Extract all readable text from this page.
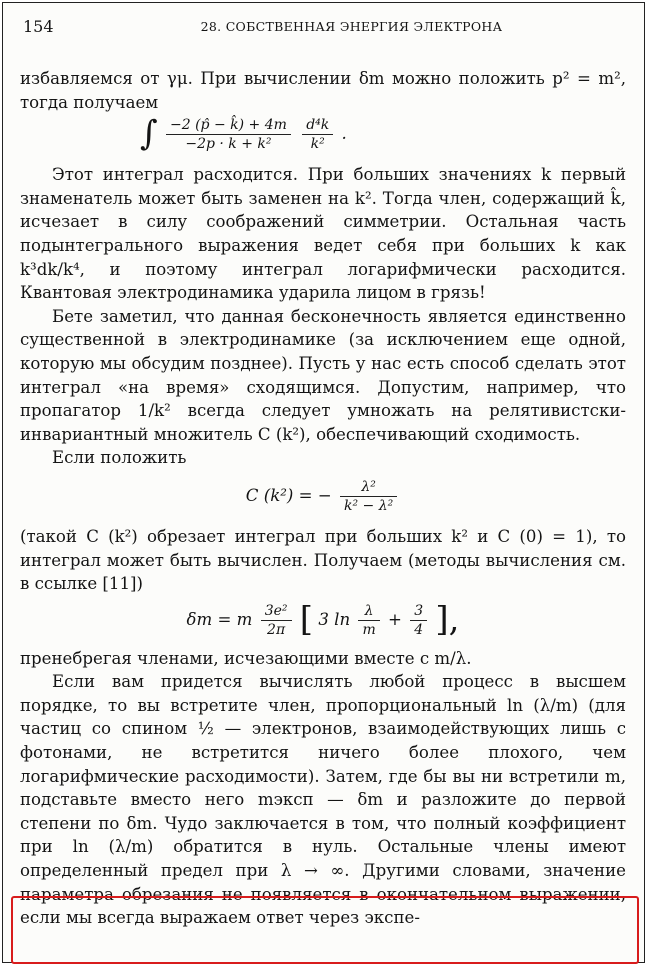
154	28. СОБСТВЕННАЯ ЭНЕРГИЯ ЭЛЕКТРОНА

избавляемся от γμ. При вычислении δm можно положить p² = m², тогда получаем

∫ $\frac{-2 (p̂ - k̂) + 4m}{\text{−2p · k + k²}}$
$\frac{\text{d⁴k}}{\text{k²}}$ .

Этот интеграл расходится. При больших значениях k первый знаменатель может быть заменен на k². Тогда член, содержащий k̂, исчезает в силу соображений симметрии. Остальная часть подынтегрального выражения ведет себя при больших k как k³dk/k⁴, и поэтому интеграл логарифмически расходится. Квантовая электродинамика ударила лицом в грязь!

Бете заметил, что данная бесконечность является единственно существенной в электродинамике (за исключением еще одной, которую мы обсудим позднее). Пусть у нас есть способ сделать этот интеграл «на время» сходящимся. Допустим, например, что пропагатор 1/k² всегда следует умножать на релятивистски-инвариантный множитель C (k²), обеспечивающий сходимость.

Если положить

C (k²) = − $\frac{\text{λ²}}{\text{k² − λ²}}$

(такой C (k²) обрезает интеграл при больших k² и C (0) = 1), то интеграл может быть вычислен. Получаем (методы вычисления см. в ссылке [11])

δm = m $\frac{\text{3e²}}{2\pi}$ [ 3 $\ln \frac{\lambda}{m} + \frac{3}{4}$ ],

пренебрегая членами, исчезающими вместе с m/λ.

Если вам придется вычислять любой процесс в высшем порядке, то вы встретите член, пропорциональный ln (λ/m) (для частиц со спином ½ — электронов, взаимодействующих лишь с фотонами, не встретится ничего более плохого, чем логарифмические расходимости). Затем, где бы вы ни встретили m, подставьте вместо него mэксп — δm и разложите до первой степени по δm. Чудо заключается в том, что полный коэффициент при ln (λ/m) обратится в нуль. Остальные члены имеют определенный предел при λ → ∞. Другими словами, значение параметра обрезания не появляется в окончательном выражении, если мы всегда выражаем ответ через экспе-
